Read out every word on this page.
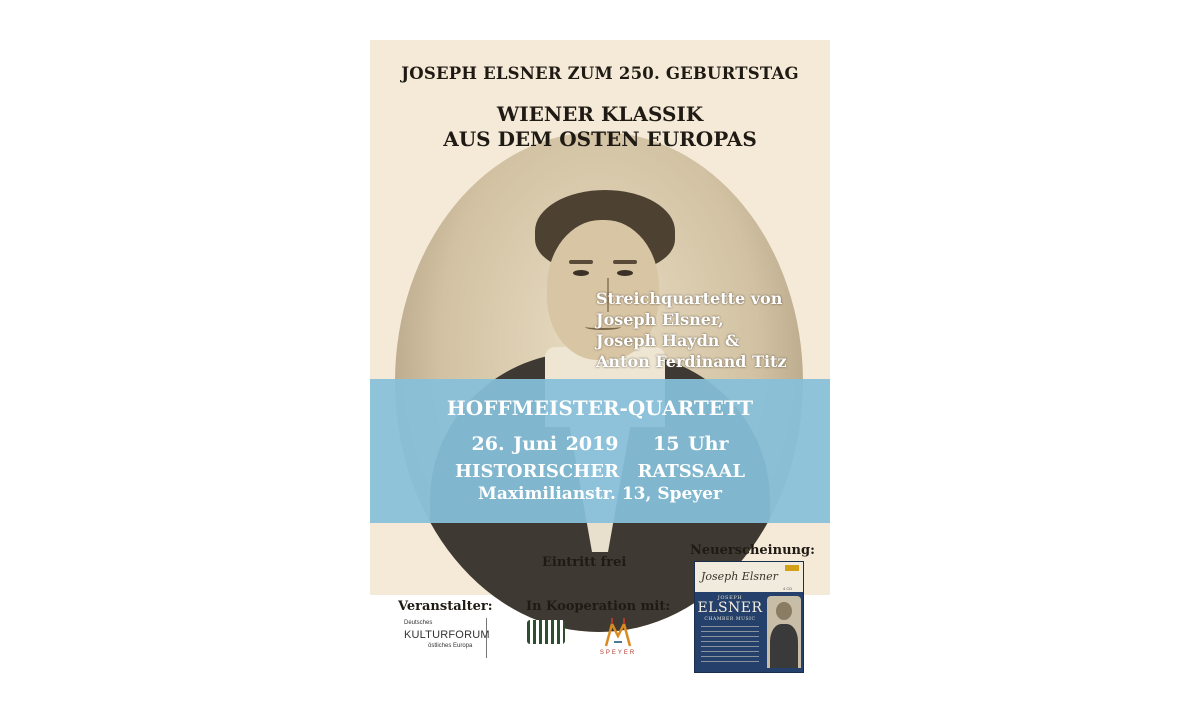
JOSEPH ELSNER ZUM 250. GEBURTSTAG
WIENER KLASSIK
AUS DEM OSTEN EUROPAS
Streichquartette von
Joseph Elsner,
Joseph Haydn &
Anton Ferdinand Titz
HOFFMEISTER-QUARTETT
26. Juni 2019 15 Uhr
HISTORISCHER RATSSAAL
Maximilianstr. 13, Speyer
Eintritt frei
Neuerscheinung:
Veranstalter:	In Kooperation mit:
Deutsches
KULTURFORUM
östliches Europa
SPEYER
Joseph Elsner
4 CD
JOSEPH
ELSNER
CHAMBER MUSIC
